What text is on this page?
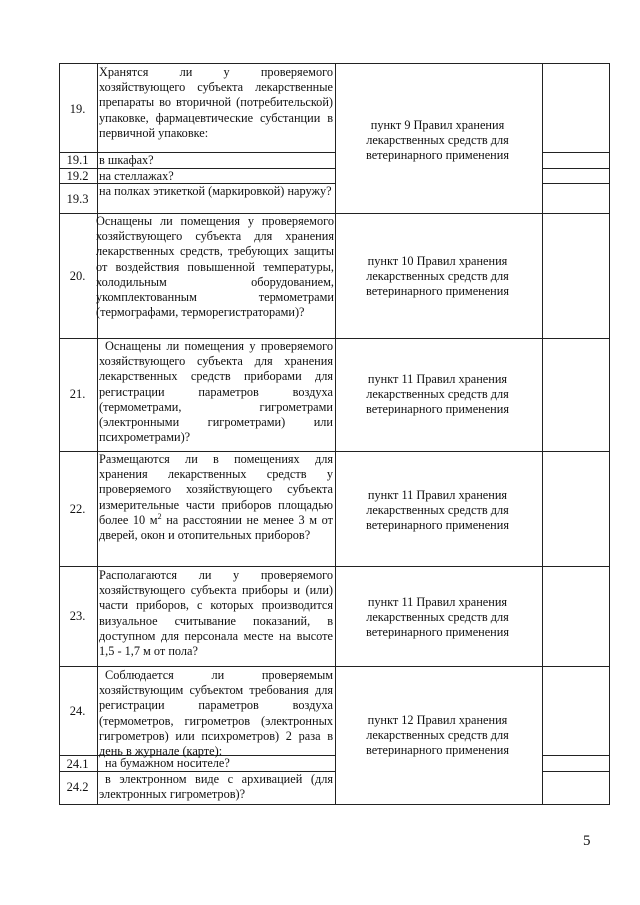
19.
Хранятся ли у проверяемого хозяйствующего субъекта лекарственные препараты во вторичной (потребительской) упаковке, фармацевтические субстанции в первичной упаковке:
пункт 9 Правил хранения лекарственных средств для ветеринарного применения
19.1 в шкафах?
19.2 на стеллажах?
19.3
на полках этикеткой (маркировкой) наружу?
20.
Оснащены ли помещения у проверяемого хозяйствующего субъекта для хранения лекарственных средств, требующих защиты от воздействия повышенной температуры, холодильным оборудованием, укомплектованным термометрами (термографами, терморегистраторами)?
пункт 10 Правил хранения лекарственных средств для ветеринарного применения
21.
Оснащены ли помещения у проверяемого хозяйствующего субъекта для хранения лекарственных средств приборами для регистрации параметров воздуха (термометрами, гигрометрами (электронными гигрометрами) или психрометрами)?
пункт 11 Правил хранения лекарственных средств для ветеринарного применения
22.
Размещаются ли в помещениях для хранения лекарственных средств у проверяемого хозяйствующего субъекта измерительные части приборов площадью более 10 $м^2$ на расстоянии не менее 3 м от дверей, окон и отопительных приборов?
пункт 11 Правил хранения лекарственных средств для ветеринарного применения
23.
Располагаются ли у проверяемого хозяйствующего субъекта приборы и (или) части приборов, с которых производится визуальное считывание показаний, в доступном для персонала месте на высоте 1,5 - 1,7 м от пола?
пункт 11 Правил хранения лекарственных средств для ветеринарного применения
24.
Соблюдается ли проверяемым хозяйствующим субъектом требования для регистрации параметров воздуха (термометров, гигрометров (электронных гигрометров) или психрометров) 2 раза в день в журнале (карте):
пункт 12 Правил хранения лекарственных средств для ветеринарного применения
24.1	на бумажном носителе?
24.2
в электронном виде с архивацией (для электронных гигрометров)?
5
